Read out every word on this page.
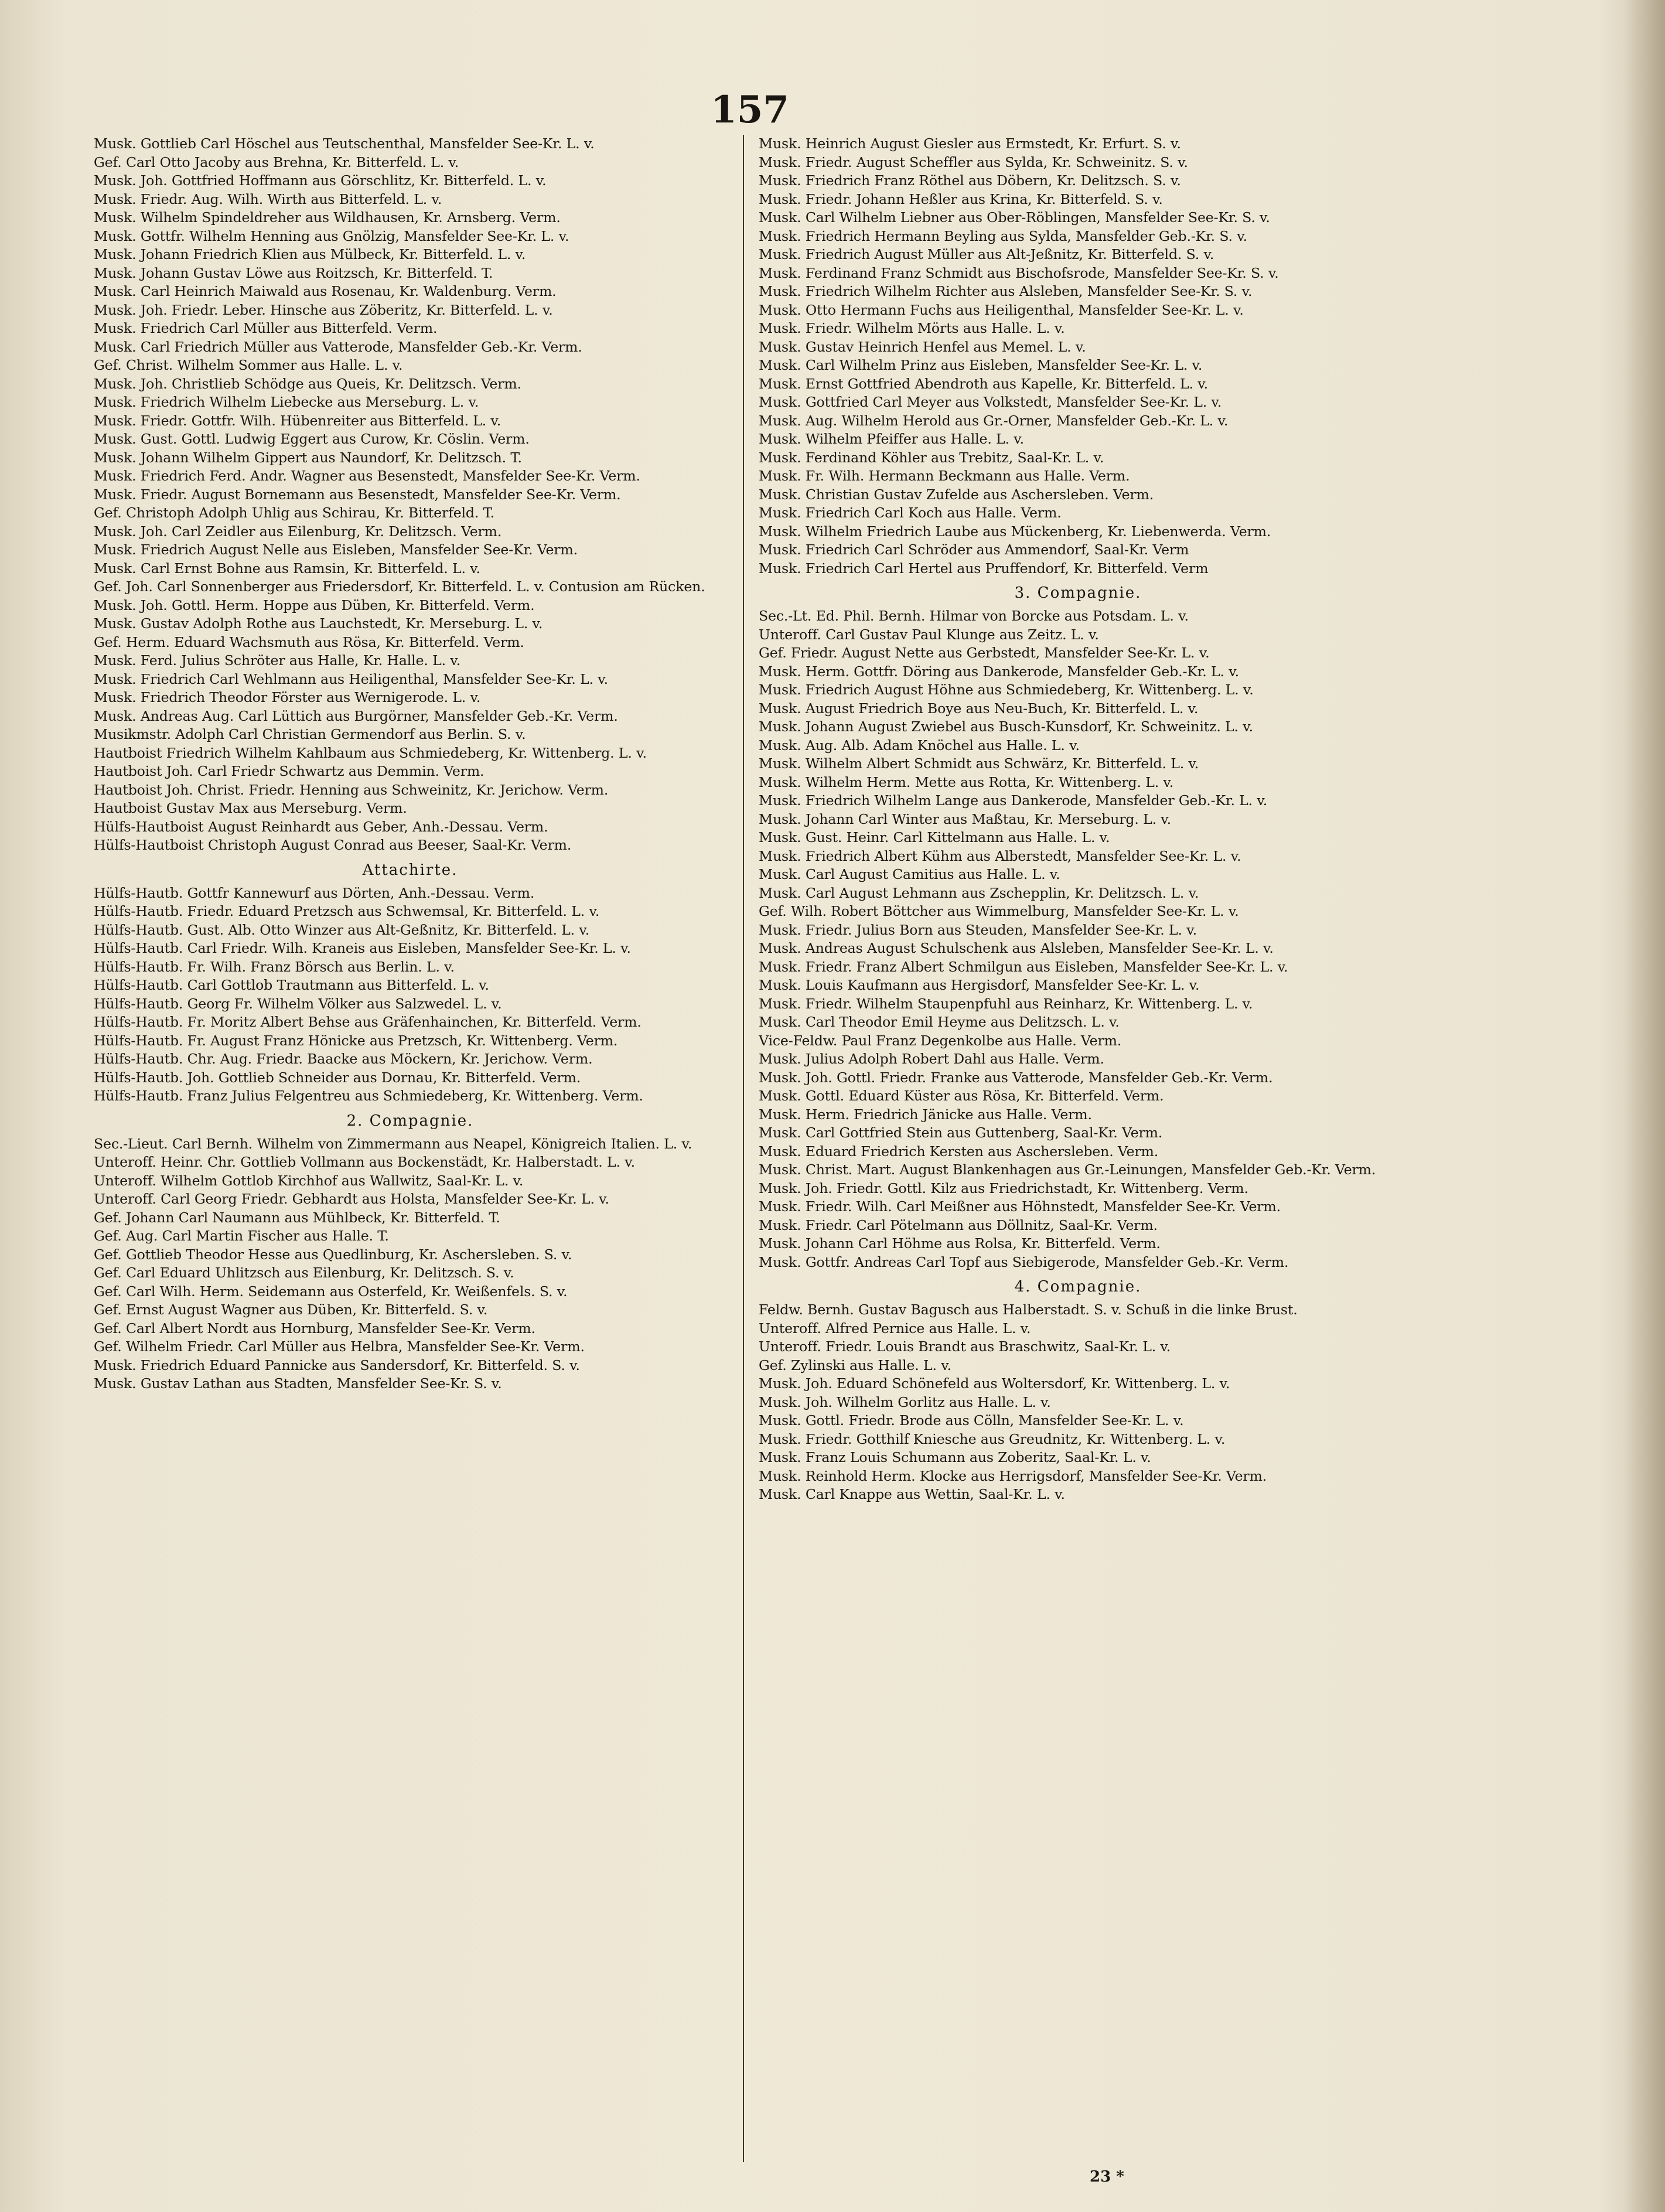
157

Musk. Gottlieb Carl Höschel aus Teutschenthal, Mansfelder See-Kr. L. v.

Gef. Carl Otto Jacoby aus Brehna, Kr. Bitterfeld. L. v.

Musk. Joh. Gottfried Hoffmann aus Görschlitz, Kr. Bitterfeld. L. v.

Musk. Friedr. Aug. Wilh. Wirth aus Bitterfeld. L. v.

Musk. Wilhelm Spindeldreher aus Wildhausen, Kr. Arnsberg. Verm.

Musk. Gottfr. Wilhelm Henning aus Gnölzig, Mansfelder See-Kr. L. v.

Musk. Johann Friedrich Klien aus Mülbeck, Kr. Bitterfeld. L. v.

Musk. Johann Gustav Löwe aus Roitzsch, Kr. Bitterfeld. T.

Musk. Carl Heinrich Maiwald aus Rosenau, Kr. Waldenburg. Verm.

Musk. Joh. Friedr. Leber. Hinsche aus Zöberitz, Kr. Bitterfeld. L. v.

Musk. Friedrich Carl Müller aus Bitterfeld. Verm.

Musk. Carl Friedrich Müller aus Vatterode, Mansfelder Geb.-Kr. Verm.

Gef. Christ. Wilhelm Sommer aus Halle. L. v.

Musk. Joh. Christlieb Schödge aus Queis, Kr. Delitzsch. Verm.

Musk. Friedrich Wilhelm Liebecke aus Merseburg. L. v.

Musk. Friedr. Gottfr. Wilh. Hübenreiter aus Bitterfeld. L. v.

Musk. Gust. Gottl. Ludwig Eggert aus Curow, Kr. Cöslin. Verm.

Musk. Johann Wilhelm Gippert aus Naundorf, Kr. Delitzsch. T.

Musk. Friedrich Ferd. Andr. Wagner aus Besenstedt, Mansfelder See-Kr. Verm.

Musk. Friedr. August Bornemann aus Besenstedt, Mansfelder See-Kr. Verm.

Gef. Christoph Adolph Uhlig aus Schirau, Kr. Bitterfeld. T.

Musk. Joh. Carl Zeidler aus Eilenburg, Kr. Delitzsch. Verm.

Musk. Friedrich August Nelle aus Eisleben, Mansfelder See-Kr. Verm.

Musk. Carl Ernst Bohne aus Ramsin, Kr. Bitterfeld. L. v.

Gef. Joh. Carl Sonnenberger aus Friedersdorf, Kr. Bitterfeld. L. v. Contusion am Rücken.

Musk. Joh. Gottl. Herm. Hoppe aus Düben, Kr. Bitterfeld. Verm.

Musk. Gustav Adolph Rothe aus Lauchstedt, Kr. Merseburg. L. v.

Gef. Herm. Eduard Wachsmuth aus Rösa, Kr. Bitterfeld. Verm.

Musk. Ferd. Julius Schröter aus Halle, Kr. Halle. L. v.

Musk. Friedrich Carl Wehlmann aus Heiligenthal, Mansfelder See-Kr. L. v.

Musk. Friedrich Theodor Förster aus Wernigerode. L. v.

Musk. Andreas Aug. Carl Lüttich aus Burgörner, Mansfelder Geb.-Kr. Verm.

Musikmstr. Adolph Carl Christian Germendorf aus Berlin. S. v.

Hautboist Friedrich Wilhelm Kahlbaum aus Schmiedeberg, Kr. Wittenberg. L. v.

Hautboist Joh. Carl Friedr Schwartz aus Demmin. Verm.

Hautboist Joh. Christ. Friedr. Henning aus Schweinitz, Kr. Jerichow. Verm.

Hautboist Gustav Max aus Merseburg. Verm.

Hülfs-Hautboist August Reinhardt aus Geber, Anh.-Dessau. Verm.

Hülfs-Hautboist Christoph August Conrad aus Beeser, Saal-Kr. Verm.

Attachirte.

Hülfs-Hautb. Gottfr Kannewurf aus Dörten, Anh.-Dessau. Verm.

Hülfs-Hautb. Friedr. Eduard Pretzsch aus Schwemsal, Kr. Bitterfeld. L. v.

Hülfs-Hautb. Gust. Alb. Otto Winzer aus Alt-Geßnitz, Kr. Bitterfeld. L. v.

Hülfs-Hautb. Carl Friedr. Wilh. Kraneis aus Eisleben, Mansfelder See-Kr. L. v.

Hülfs-Hautb. Fr. Wilh. Franz Börsch aus Berlin. L. v.

Hülfs-Hautb. Carl Gottlob Trautmann aus Bitterfeld. L. v.

Hülfs-Hautb. Georg Fr. Wilhelm Völker aus Salzwedel. L. v.

Hülfs-Hautb. Fr. Moritz Albert Behse aus Gräfenhainchen, Kr. Bitterfeld. Verm.

Hülfs-Hautb. Fr. August Franz Hönicke aus Pretzsch, Kr. Wittenberg. Verm.

Hülfs-Hautb. Chr. Aug. Friedr. Baacke aus Möckern, Kr. Jerichow. Verm.

Hülfs-Hautb. Joh. Gottlieb Schneider aus Dornau, Kr. Bitterfeld. Verm.

Hülfs-Hautb. Franz Julius Felgentreu aus Schmiedeberg, Kr. Wittenberg. Verm.

2. Compagnie.

Sec.-Lieut. Carl Bernh. Wilhelm von Zimmermann aus Neapel, Königreich Italien. L. v.

Unteroff. Heinr. Chr. Gottlieb Vollmann aus Bockenstädt, Kr. Halberstadt. L. v.

Unteroff. Wilhelm Gottlob Kirchhof aus Wallwitz, Saal-Kr. L. v.

Unteroff. Carl Georg Friedr. Gebhardt aus Holsta, Mansfelder See-Kr. L. v.

Gef. Johann Carl Naumann aus Mühlbeck, Kr. Bitterfeld. T.

Gef. Aug. Carl Martin Fischer aus Halle. T.

Gef. Gottlieb Theodor Hesse aus Quedlinburg, Kr. Aschersleben. S. v.

Gef. Carl Eduard Uhlitzsch aus Eilenburg, Kr. Delitzsch. S. v.

Gef. Carl Wilh. Herm. Seidemann aus Osterfeld, Kr. Weißenfels. S. v.

Gef. Ernst August Wagner aus Düben, Kr. Bitterfeld. S. v.

Gef. Carl Albert Nordt aus Hornburg, Mansfelder See-Kr. Verm.

Gef. Wilhelm Friedr. Carl Müller aus Helbra, Mansfelder See-Kr. Verm.

Musk. Friedrich Eduard Pannicke aus Sandersdorf, Kr. Bitterfeld. S. v.

Musk. Gustav Lathan aus Stadten, Mansfelder See-Kr. S. v.

Musk. Heinrich August Giesler aus Ermstedt, Kr. Erfurt. S. v.

Musk. Friedr. August Scheffler aus Sylda, Kr. Schweinitz. S. v.

Musk. Friedrich Franz Röthel aus Döbern, Kr. Delitzsch. S. v.

Musk. Friedr. Johann Heßler aus Krina, Kr. Bitterfeld. S. v.

Musk. Carl Wilhelm Liebner aus Ober-Röblingen, Mansfelder See-Kr. S. v.

Musk. Friedrich Hermann Beyling aus Sylda, Mansfelder Geb.-Kr. S. v.

Musk. Friedrich August Müller aus Alt-Jeßnitz, Kr. Bitterfeld. S. v.

Musk. Ferdinand Franz Schmidt aus Bischofsrode, Mansfelder See-Kr. S. v.

Musk. Friedrich Wilhelm Richter aus Alsleben, Mansfelder See-Kr. S. v.

Musk. Otto Hermann Fuchs aus Heiligenthal, Mansfelder See-Kr. L. v.

Musk. Friedr. Wilhelm Mörts aus Halle. L. v.

Musk. Gustav Heinrich Henfel aus Memel. L. v.

Musk. Carl Wilhelm Prinz aus Eisleben, Mansfelder See-Kr. L. v.

Musk. Ernst Gottfried Abendroth aus Kapelle, Kr. Bitterfeld. L. v.

Musk. Gottfried Carl Meyer aus Volkstedt, Mansfelder See-Kr. L. v.

Musk. Aug. Wilhelm Herold aus Gr.-Orner, Mansfelder Geb.-Kr. L. v.

Musk. Wilhelm Pfeiffer aus Halle. L. v.

Musk. Ferdinand Köhler aus Trebitz, Saal-Kr. L. v.

Musk. Fr. Wilh. Hermann Beckmann aus Halle. Verm.

Musk. Christian Gustav Zufelde aus Aschersleben. Verm.

Musk. Friedrich Carl Koch aus Halle. Verm.

Musk. Wilhelm Friedrich Laube aus Mückenberg, Kr. Liebenwerda. Verm.

Musk. Friedrich Carl Schröder aus Ammendorf, Saal-Kr. Verm

Musk. Friedrich Carl Hertel aus Pruffendorf, Kr. Bitterfeld. Verm

3. Compagnie.

Sec.-Lt. Ed. Phil. Bernh. Hilmar von Borcke aus Potsdam. L. v.

Unteroff. Carl Gustav Paul Klunge aus Zeitz. L. v.

Gef. Friedr. August Nette aus Gerbstedt, Mansfelder See-Kr. L. v.

Musk. Herm. Gottfr. Döring aus Dankerode, Mansfelder Geb.-Kr. L. v.

Musk. Friedrich August Höhne aus Schmiedeberg, Kr. Wittenberg. L. v.

Musk. August Friedrich Boye aus Neu-Buch, Kr. Bitterfeld. L. v.

Musk. Johann August Zwiebel aus Busch-Kunsdorf, Kr. Schweinitz. L. v.

Musk. Aug. Alb. Adam Knöchel aus Halle. L. v.

Musk. Wilhelm Albert Schmidt aus Schwärz, Kr. Bitterfeld. L. v.

Musk. Wilhelm Herm. Mette aus Rotta, Kr. Wittenberg. L. v.

Musk. Friedrich Wilhelm Lange aus Dankerode, Mansfelder Geb.-Kr. L. v.

Musk. Johann Carl Winter aus Maßtau, Kr. Merseburg. L. v.

Musk. Gust. Heinr. Carl Kittelmann aus Halle. L. v.

Musk. Friedrich Albert Kühm aus Alberstedt, Mansfelder See-Kr. L. v.

Musk. Carl August Camitius aus Halle. L. v.

Musk. Carl August Lehmann aus Zschepplin, Kr. Delitzsch. L. v.

Gef. Wilh. Robert Böttcher aus Wimmelburg, Mansfelder See-Kr. L. v.

Musk. Friedr. Julius Born aus Steuden, Mansfelder See-Kr. L. v.

Musk. Andreas August Schulschenk aus Alsleben, Mansfelder See-Kr. L. v.

Musk. Friedr. Franz Albert Schmilgun aus Eisleben, Mansfelder See-Kr. L. v.

Musk. Louis Kaufmann aus Hergisdorf, Mansfelder See-Kr. L. v.

Musk. Friedr. Wilhelm Staupenpfuhl aus Reinharz, Kr. Wittenberg. L. v.

Musk. Carl Theodor Emil Heyme aus Delitzsch. L. v.

Vice-Feldw. Paul Franz Degenkolbe aus Halle. Verm.

Musk. Julius Adolph Robert Dahl aus Halle. Verm.

Musk. Joh. Gottl. Friedr. Franke aus Vatterode, Mansfelder Geb.-Kr. Verm.

Musk. Gottl. Eduard Küster aus Rösa, Kr. Bitterfeld. Verm.

Musk. Herm. Friedrich Jänicke aus Halle. Verm.

Musk. Carl Gottfried Stein aus Guttenberg, Saal-Kr. Verm.

Musk. Eduard Friedrich Kersten aus Aschersleben. Verm.

Musk. Christ. Mart. August Blankenhagen aus Gr.-Leinungen, Mansfelder Geb.-Kr. Verm.

Musk. Joh. Friedr. Gottl. Kilz aus Friedrichstadt, Kr. Wittenberg. Verm.

Musk. Friedr. Wilh. Carl Meißner aus Höhnstedt, Mansfelder See-Kr. Verm.

Musk. Friedr. Carl Pötelmann aus Döllnitz, Saal-Kr. Verm.

Musk. Johann Carl Höhme aus Rolsa, Kr. Bitterfeld. Verm.

Musk. Gottfr. Andreas Carl Topf aus Siebigerode, Mansfelder Geb.-Kr. Verm.

4. Compagnie.

Feldw. Bernh. Gustav Bagusch aus Halberstadt. S. v. Schuß in die linke Brust.

Unteroff. Alfred Pernice aus Halle. L. v.

Unteroff. Friedr. Louis Brandt aus Braschwitz, Saal-Kr. L. v.

Gef. Zylinski aus Halle. L. v.

Musk. Joh. Eduard Schönefeld aus Woltersdorf, Kr. Wittenberg. L. v.

Musk. Joh. Wilhelm Gorlitz aus Halle. L. v.

Musk. Gottl. Friedr. Brode aus Cölln, Mansfelder See-Kr. L. v.

Musk. Friedr. Gotthilf Kniesche aus Greudnitz, Kr. Wittenberg. L. v.

Musk. Franz Louis Schumann aus Zoberitz, Saal-Kr. L. v.

Musk. Reinhold Herm. Klocke aus Herrigsdorf, Mansfelder See-Kr. Verm.

Musk. Carl Knappe aus Wettin, Saal-Kr. L. v.

23 *
